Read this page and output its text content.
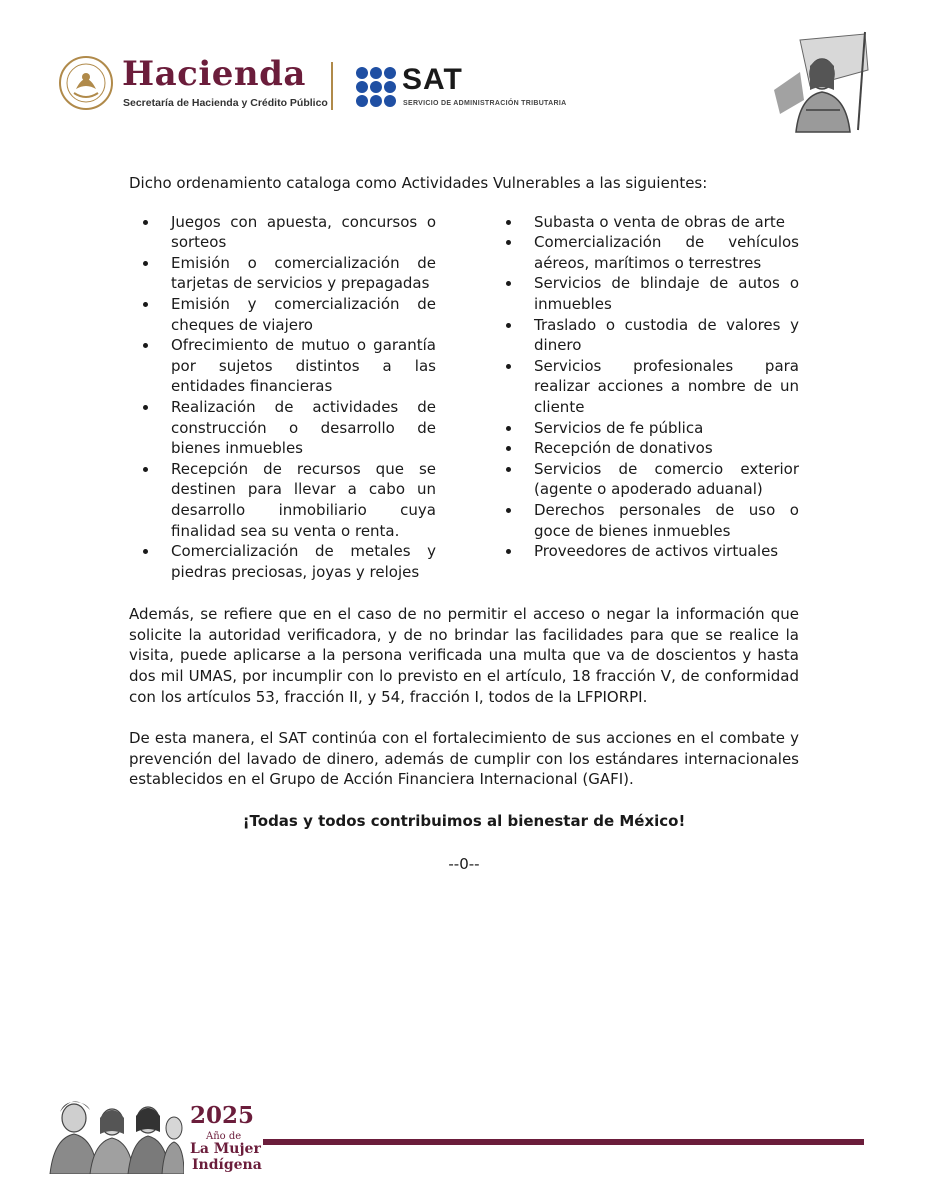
Hacienda
Secretaría de Hacienda y Crédito Público
SAT
SERVICIO DE ADMINISTRACIÓN TRIBUTARIA

Dicho ordenamiento cataloga como Actividades Vulnerables a las siguientes:

Juegos con apuesta, concursos o sorteos
Emisión o comercialización de tarjetas de servicios y prepagadas
Emisión y comercialización de cheques de viajero
Ofrecimiento de mutuo o garantía por sujetos distintos a las entidades financieras
Realización de actividades de construcción o desarrollo de bienes inmuebles
Recepción de recursos que se destinen para llevar a cabo un desarrollo inmobiliario cuya finalidad sea su venta o renta.
Comercialización de metales y piedras preciosas, joyas y relojes
Subasta o venta de obras de arte
Comercialización de vehículos aéreos, marítimos o terrestres
Servicios de blindaje de autos o inmuebles
Traslado o custodia de valores y dinero
Servicios profesionales para realizar acciones a nombre de un cliente
Servicios de fe pública
Recepción de donativos
Servicios de comercio exterior (agente o apoderado aduanal)
Derechos personales de uso o goce de bienes inmuebles
Proveedores de activos virtuales

Además, se refiere que en el caso de no permitir el acceso o negar la información que solicite la autoridad verificadora, y de no brindar las facilidades para que se realice la visita, puede aplicarse a la persona verificada una multa que va de doscientos y hasta dos mil UMAS, por incumplir con lo previsto en el artículo, 18 fracción V, de conformidad con los artículos 53, fracción II, y 54, fracción I, todos de la LFPIORPI.

De esta manera, el SAT continúa con el fortalecimiento de sus acciones en el combate y prevención del lavado de dinero, además de cumplir con los estándares internacionales establecidos en el Grupo de Acción Financiera Internacional (GAFI).

¡Todas y todos contribuimos al bienestar de México!

--0--

2025
Año de
La Mujer
Indígena
